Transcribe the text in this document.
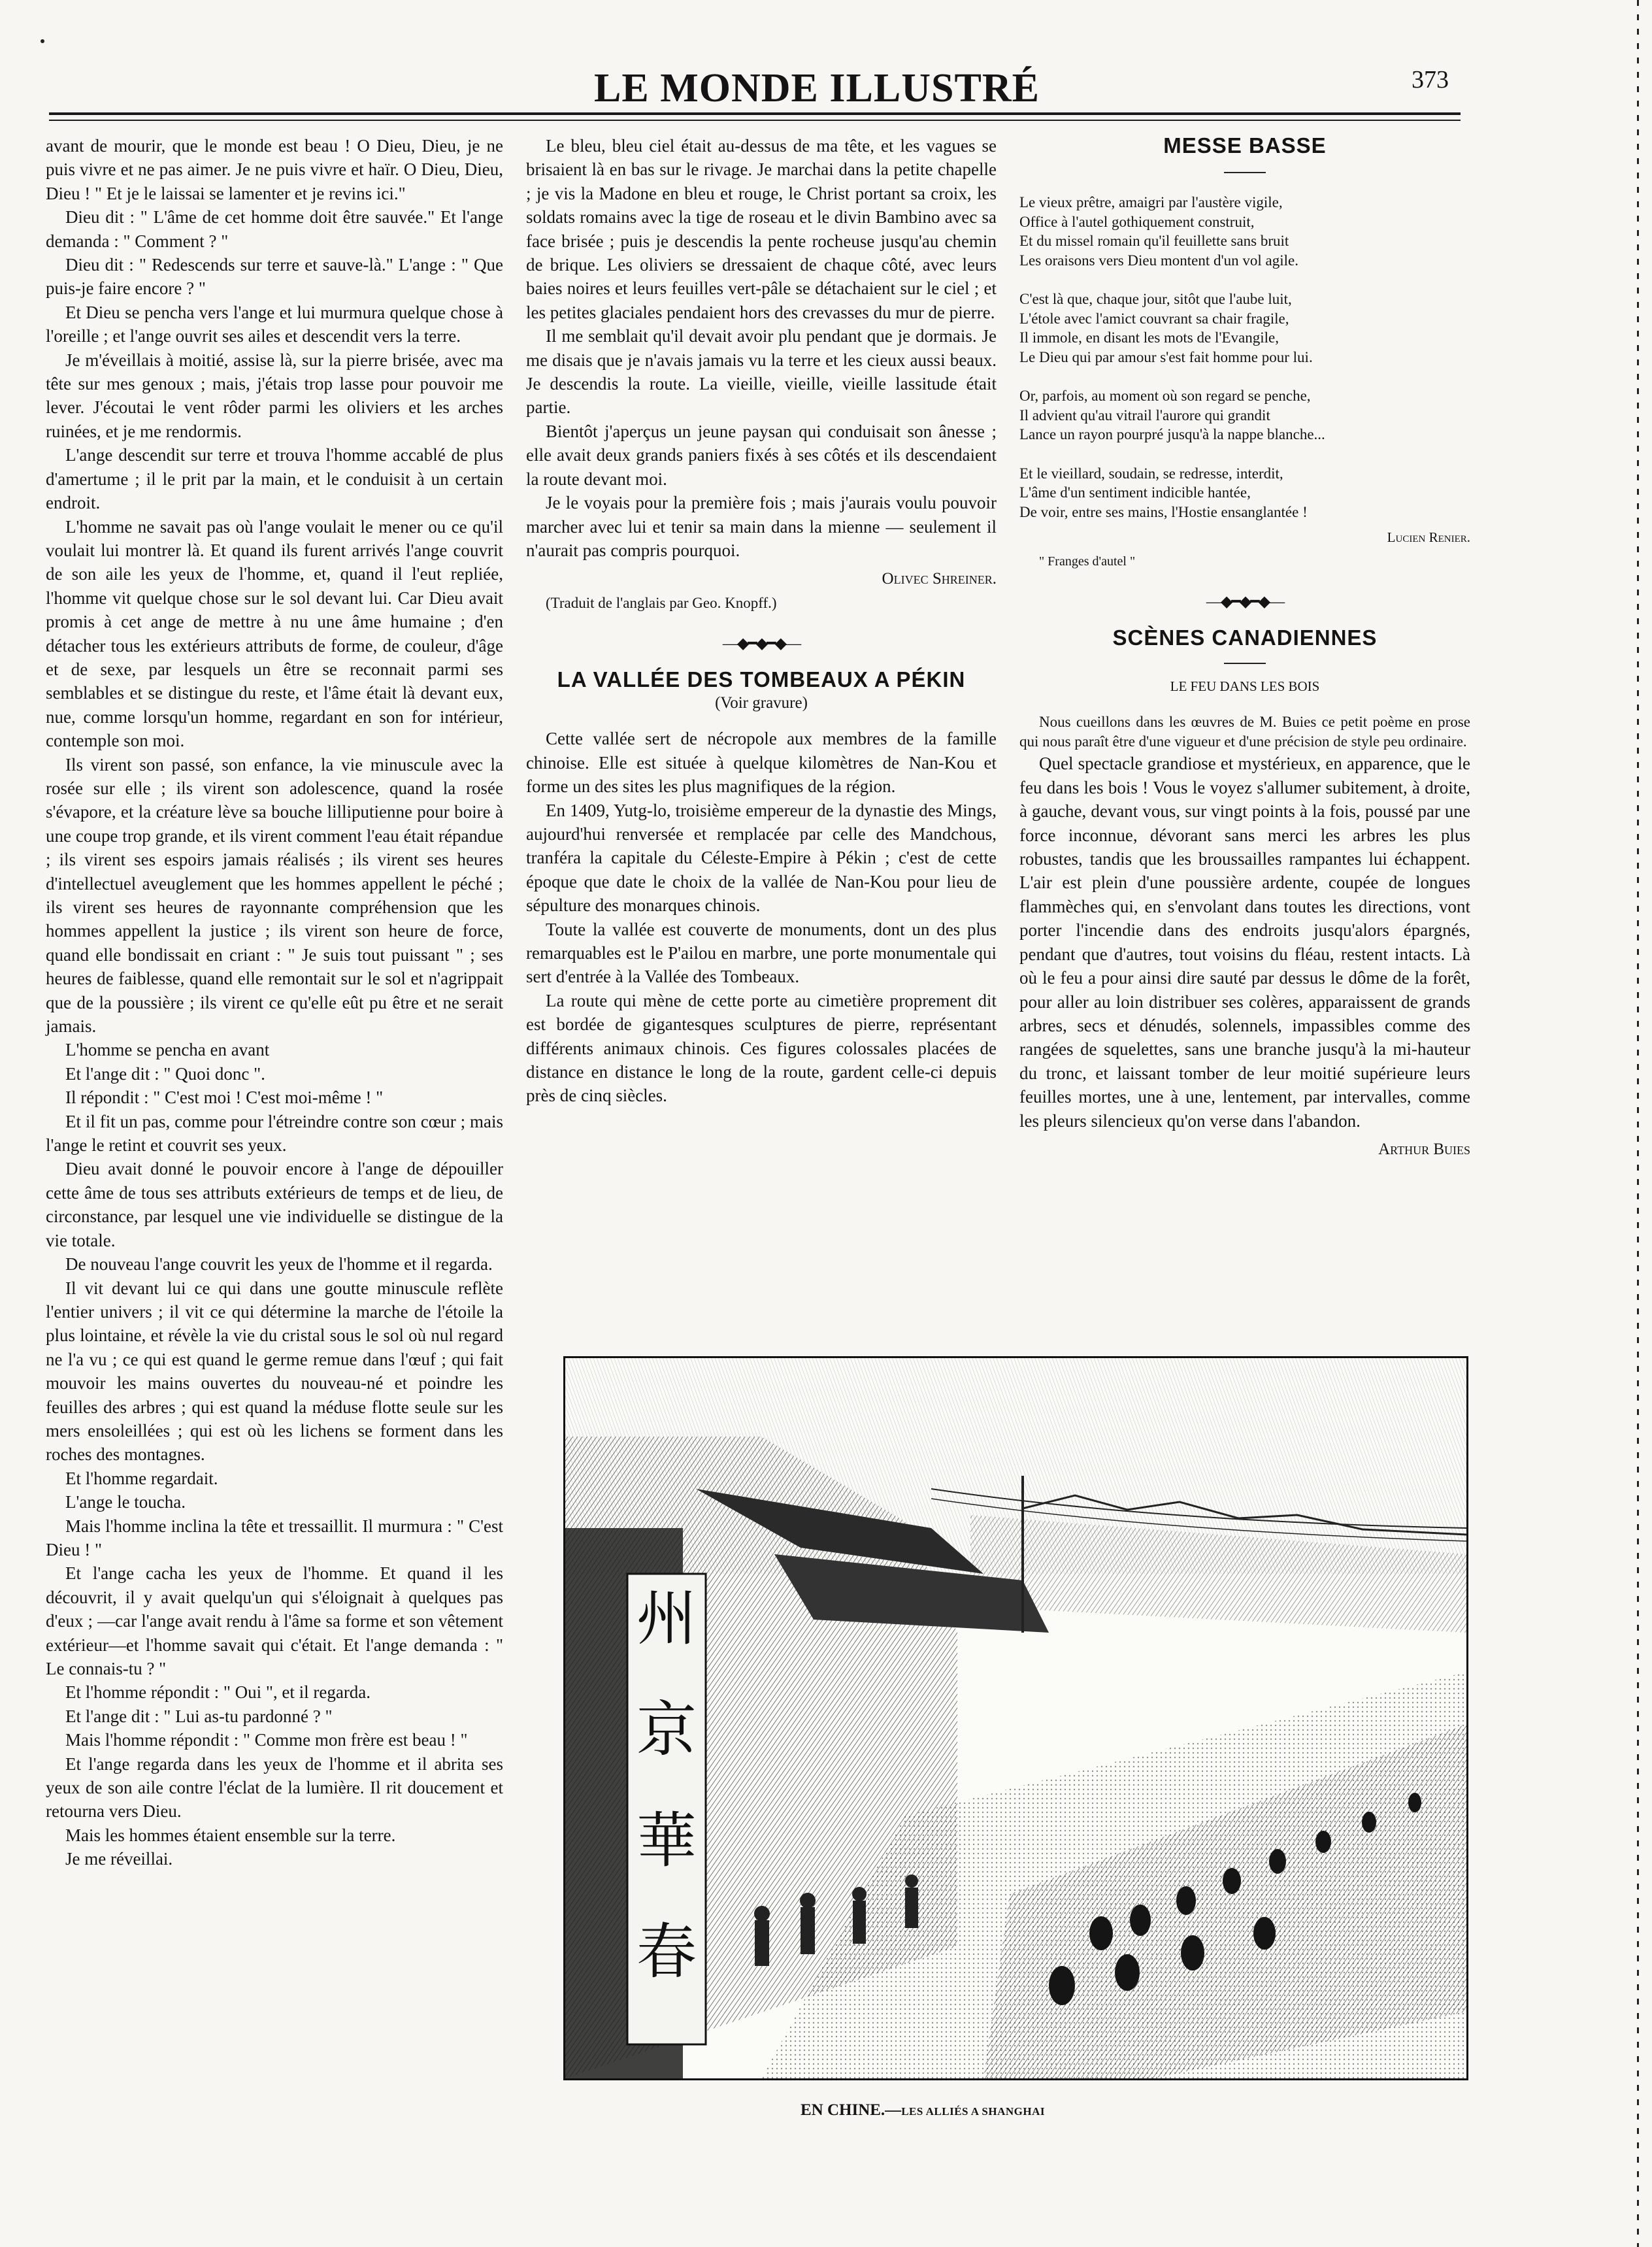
LE MONDE ILLUSTRÉ	373

avant de mourir, que le monde est beau ! O Dieu, Dieu, je ne puis vivre et ne pas aimer. Je ne puis vivre et haïr. O Dieu, Dieu, Dieu ! " Et je le laissai se lamenter et je revins ici."

Dieu dit : " L'âme de cet homme doit être sauvée." Et l'ange demanda : " Comment ? "

Dieu dit : " Redescends sur terre et sauve-là." L'ange : " Que puis-je faire encore ? "

Et Dieu se pencha vers l'ange et lui murmura quelque chose à l'oreille ; et l'ange ouvrit ses ailes et descendit vers la terre.

Je m'éveillais à moitié, assise là, sur la pierre brisée, avec ma tête sur mes genoux ; mais, j'étais trop lasse pour pouvoir me lever. J'écoutai le vent rôder parmi les oliviers et les arches ruinées, et je me rendormis.

L'ange descendit sur terre et trouva l'homme accablé de plus d'amertume ; il le prit par la main, et le conduisit à un certain endroit.

L'homme ne savait pas où l'ange voulait le mener ou ce qu'il voulait lui montrer là. Et quand ils furent arrivés l'ange couvrit de son aile les yeux de l'homme, et, quand il l'eut repliée, l'homme vit quelque chose sur le sol devant lui. Car Dieu avait promis à cet ange de mettre à nu une âme humaine ; d'en détacher tous les extérieurs attributs de forme, de couleur, d'âge et de sexe, par lesquels un être se reconnait parmi ses semblables et se distingue du reste, et l'âme était là devant eux, nue, comme lorsqu'un homme, regardant en son for intérieur, contemple son moi.

Ils virent son passé, son enfance, la vie minuscule avec la rosée sur elle ; ils virent son adolescence, quand la rosée s'évapore, et la créature lève sa bouche lilliputienne pour boire à une coupe trop grande, et ils virent comment l'eau était répandue ; ils virent ses espoirs jamais réalisés ; ils virent ses heures d'intellectuel aveuglement que les hommes appellent le péché ; ils virent ses heures de rayonnante compréhension que les hommes appellent la justice ; ils virent son heure de force, quand elle bondissait en criant : " Je suis tout puissant " ; ses heures de faiblesse, quand elle remontait sur le sol et n'agrippait que de la poussière ; ils virent ce qu'elle eût pu être et ne serait jamais.

L'homme se pencha en avant

Et l'ange dit : " Quoi donc ".

Il répondit : " C'est moi ! C'est moi-même ! "

Et il fit un pas, comme pour l'étreindre contre son cœur ; mais l'ange le retint et couvrit ses yeux.

Dieu avait donné le pouvoir encore à l'ange de dépouiller cette âme de tous ses attributs extérieurs de temps et de lieu, de circonstance, par lesquel une vie individuelle se distingue de la vie totale.

De nouveau l'ange couvrit les yeux de l'homme et il regarda.

Il vit devant lui ce qui dans une goutte minuscule reflète l'entier univers ; il vit ce qui détermine la marche de l'étoile la plus lointaine, et révèle la vie du cristal sous le sol où nul regard ne l'a vu ; ce qui est quand le germe remue dans l'œuf ; qui fait mouvoir les mains ouvertes du nouveau-né et poindre les feuilles des arbres ; qui est quand la méduse flotte seule sur les mers ensoleillées ; qui est où les lichens se forment dans les roches des montagnes.

Et l'homme regardait.

L'ange le toucha.

Mais l'homme inclina la tête et tressaillit. Il murmura : " C'est Dieu ! "

Et l'ange cacha les yeux de l'homme. Et quand il les découvrit, il y avait quelqu'un qui s'éloignait à quelques pas d'eux ; —car l'ange avait rendu à l'âme sa forme et son vêtement extérieur—et l'homme savait qui c'était. Et l'ange demanda : " Le connais-tu ? "

Et l'homme répondit : " Oui ", et il regarda.

Et l'ange dit : " Lui as-tu pardonné ? "

Mais l'homme répondit : " Comme mon frère est beau ! "

Et l'ange regarda dans les yeux de l'homme et il abrita ses yeux de son aile contre l'éclat de la lumière. Il rit doucement et retourna vers Dieu.

Mais les hommes étaient ensemble sur la terre.

Je me réveillai.

Le bleu, bleu ciel était au-dessus de ma tête, et les vagues se brisaient là en bas sur le rivage. Je marchai dans la petite chapelle ; je vis la Madone en bleu et rouge, le Christ portant sa croix, les soldats romains avec la tige de roseau et le divin Bambino avec sa face brisée ; puis je descendis la pente rocheuse jusqu'au chemin de brique. Les oliviers se dressaient de chaque côté, avec leurs baies noires et leurs feuilles vert-pâle se détachaient sur le ciel ; et les petites glaciales pendaient hors des crevasses du mur de pierre.

Il me semblait qu'il devait avoir plu pendant que je dormais. Je me disais que je n'avais jamais vu la terre et les cieux aussi beaux. Je descendis la route. La vieille, vieille, vieille lassitude était partie.

Bientôt j'aperçus un jeune paysan qui conduisait son ânesse ; elle avait deux grands paniers fixés à ses côtés et ils descendaient la route devant moi.

Je le voyais pour la première fois ; mais j'aurais voulu pouvoir marcher avec lui et tenir sa main dans la mienne — seulement il n'aurait pas compris pourquoi.

Olivec Shreiner.

(Traduit de l'anglais par Geo. Knopff.)

—◆━◆━◆—
LA VALLÉE DES TOMBEAUX A PÉKIN
(Voir gravure)

Cette vallée sert de nécropole aux membres de la famille chinoise. Elle est située à quelque kilomètres de Nan-Kou et forme un des sites les plus magnifiques de la région.

En 1409, Yutg-lo, troisième empereur de la dynastie des Mings, aujourd'hui renversée et remplacée par celle des Mandchous, tranféra la capitale du Céleste-Empire à Pékin ; c'est de cette époque que date le choix de la vallée de Nan-Kou pour lieu de sépulture des monarques chinois.

Toute la vallée est couverte de monuments, dont un des plus remarquables est le P'ailou en marbre, une porte monumentale qui sert d'entrée à la Vallée des Tombeaux.

La route qui mène de cette porte au cimetière proprement dit est bordée de gigantesques sculptures de pierre, représentant différents animaux chinois. Ces figures colossales placées de distance en distance le long de la route, gardent celle-ci depuis près de cinq siècles.

MESSE BASSE
Le vieux prêtre, amaigri par l'austère vigile,
Office à l'autel gothiquement construit,
Et du missel romain qu'il feuillette sans bruit
Les oraisons vers Dieu montent d'un vol agile.
C'est là que, chaque jour, sitôt que l'aube luit,
L'étole avec l'amict couvrant sa chair fragile,
Il immole, en disant les mots de l'Evangile,
Le Dieu qui par amour s'est fait homme pour lui.
Or, parfois, au moment où son regard se penche,
Il advient qu'au vitrail l'aurore qui grandit
Lance un rayon pourpré jusqu'à la nappe blanche...
Et le vieillard, soudain, se redresse, interdit,
L'âme d'un sentiment indicible hantée,
De voir, entre ses mains, l'Hostie ensanglantée !
Lucien Renier.

" Franges d'autel "

—◆━◆━◆—
SCÈNES CANADIENNES
LE FEU DANS LES BOIS

Nous cueillons dans les œuvres de M. Buies ce petit poème en prose qui nous paraît être d'une vigueur et d'une précision de style peu ordinaire.

Quel spectacle grandiose et mystérieux, en apparence, que le feu dans les bois ! Vous le voyez s'allumer subitement, à droite, à gauche, devant vous, sur vingt points à la fois, poussé par une force inconnue, dévorant sans merci les arbres les plus robustes, tandis que les broussailles rampantes lui échappent. L'air est plein d'une poussière ardente, coupée de longues flammèches qui, en s'envolant dans toutes les directions, vont porter l'incendie dans des endroits jusqu'alors épargnés, pendant que d'autres, tout voisins du fléau, restent intacts. Là où le feu a pour ainsi dire sauté par dessus le dôme de la forêt, pour aller au loin distribuer ses colères, apparaissent de grands arbres, secs et dénudés, solennels, impassibles comme des rangées de squelettes, sans une branche jusqu'à la mi-hauteur du tronc, et laissant tomber de leur moitié supérieure leurs feuilles mortes, une à une, lentement, par intervalles, comme les pleurs silencieux qu'on verse dans l'abandon.

Arthur Buies
州
京
華
春
EN CHINE.—LES ALLIÉS A SHANGHAI
